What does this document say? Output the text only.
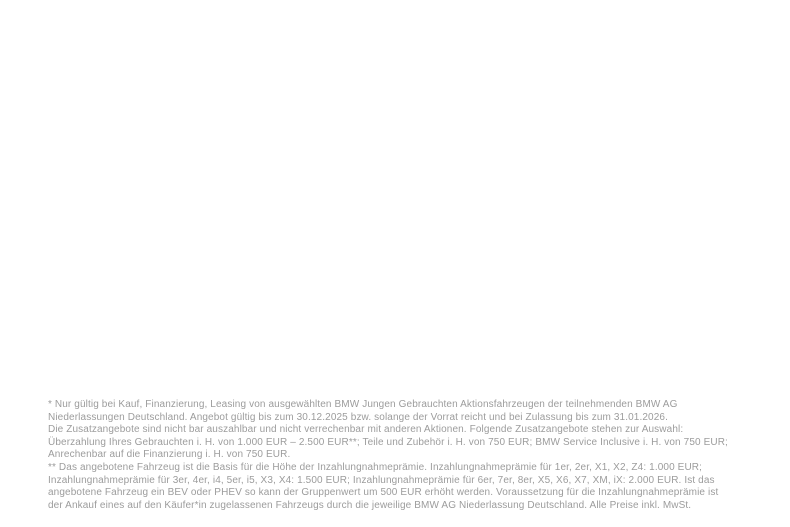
* Nur gültig bei Kauf, Finanzierung, Leasing von ausgewählten BMW Jungen Gebrauchten Aktionsfahrzeugen der teilnehmenden BMW AG
Niederlassungen Deutschland. Angebot gültig bis zum 30.12.2025 bzw. solange der Vorrat reicht und bei Zulassung bis zum 31.01.2026.
Die Zusatzangebote sind nicht bar auszahlbar und nicht verrechenbar mit anderen Aktionen. Folgende Zusatzangebote stehen zur Auswahl:
Überzahlung Ihres Gebrauchten i. H. von 1.000 EUR – 2.500 EUR**; Teile und Zubehör i. H. von 750 EUR; BMW Service Inclusive i. H. von 750 EUR;
Anrechenbar auf die Finanzierung i. H. von 750 EUR.
** Das angebotene Fahrzeug ist die Basis für die Höhe der Inzahlungnahmeprämie. Inzahlungnahmeprämie für 1er, 2er, X1, X2, Z4: 1.000 EUR;
Inzahlungnahmeprämie für 3er, 4er, i4, 5er, i5, X3, X4: 1.500 EUR; Inzahlungnahmeprämie für 6er, 7er, 8er, X5, X6, X7, XM, iX: 2.000 EUR. Ist das
angebotene Fahrzeug ein BEV oder PHEV so kann der Gruppenwert um 500 EUR erhöht werden. Voraussetzung für die Inzahlungnahmeprämie ist
der Ankauf eines auf den Käufer*in zugelassenen Fahrzeugs durch die jeweilige BMW AG Niederlassung Deutschland. Alle Preise inkl. MwSt.
